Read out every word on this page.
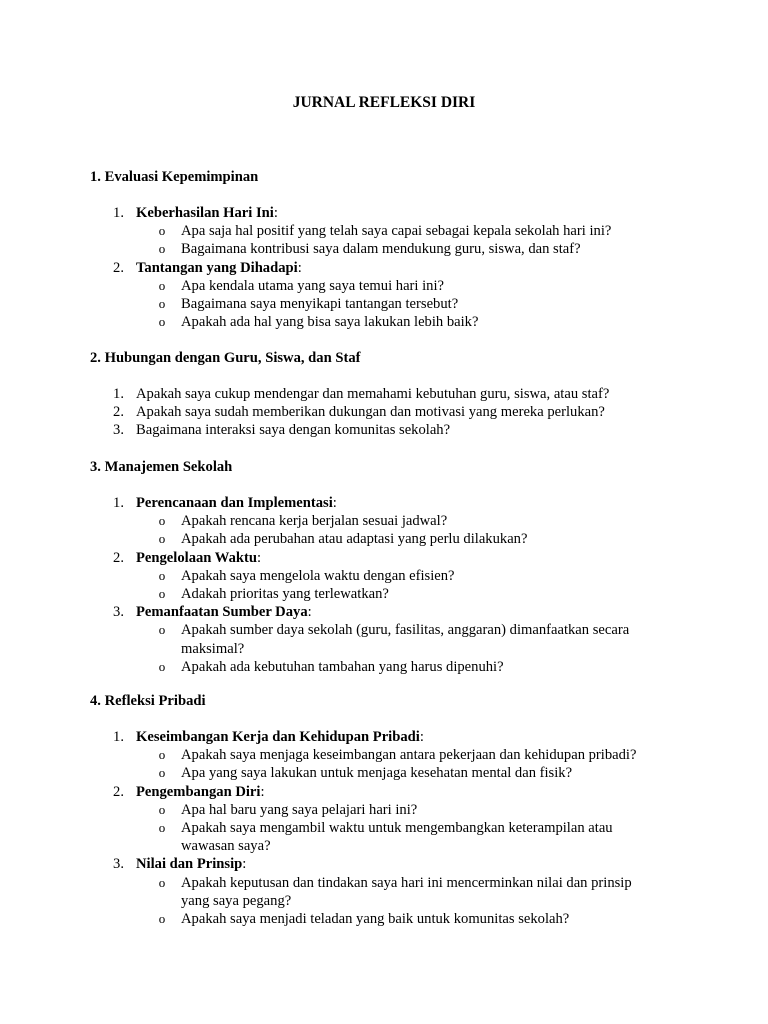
JURNAL REFLEKSI DIRI
1. Evaluasi Kepemimpinan
1. Keberhasilan Hari Ini:
o Apa saja hal positif yang telah saya capai sebagai kepala sekolah hari ini?
o Bagaimana kontribusi saya dalam mendukung guru, siswa, dan staf?
2. Tantangan yang Dihadapi:
o Apa kendala utama yang saya temui hari ini?
o Bagaimana saya menyikapi tantangan tersebut?
o Apakah ada hal yang bisa saya lakukan lebih baik?
2. Hubungan dengan Guru, Siswa, dan Staf
1. Apakah saya cukup mendengar dan memahami kebutuhan guru, siswa, atau staf?
2. Apakah saya sudah memberikan dukungan dan motivasi yang mereka perlukan?
3. Bagaimana interaksi saya dengan komunitas sekolah?
3. Manajemen Sekolah
1. Perencanaan dan Implementasi:
o Apakah rencana kerja berjalan sesuai jadwal?
o Apakah ada perubahan atau adaptasi yang perlu dilakukan?
2. Pengelolaan Waktu:
o Apakah saya mengelola waktu dengan efisien?
o Adakah prioritas yang terlewatkan?
3. Pemanfaatan Sumber Daya:
o Apakah sumber daya sekolah (guru, fasilitas, anggaran) dimanfaatkan secara
maksimal?
o Apakah ada kebutuhan tambahan yang harus dipenuhi?
4. Refleksi Pribadi
1. Keseimbangan Kerja dan Kehidupan Pribadi:
o Apakah saya menjaga keseimbangan antara pekerjaan dan kehidupan pribadi?
o Apa yang saya lakukan untuk menjaga kesehatan mental dan fisik?
2. Pengembangan Diri:
o Apa hal baru yang saya pelajari hari ini?
o Apakah saya mengambil waktu untuk mengembangkan keterampilan atau
wawasan saya?
3. Nilai dan Prinsip:
o Apakah keputusan dan tindakan saya hari ini mencerminkan nilai dan prinsip
yang saya pegang?
o Apakah saya menjadi teladan yang baik untuk komunitas sekolah?
